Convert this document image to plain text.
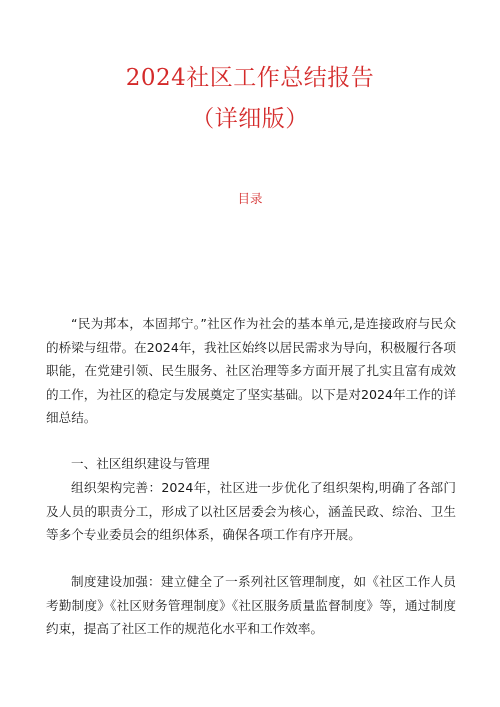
2024社区工作总结报告
（详细版）
目录

“民为邦本，本固邦宁。”社区作为社会的基本单元,是连接政府与民众的桥梁与纽带。在2024年，我社区始终以居民需求为导向，积极履行各项职能，在党建引领、民生服务、社区治理等多方面开展了扎实且富有成效的工作，为社区的稳定与发展奠定了坚实基础。以下是对2024年工作的详细总结。

一、社区组织建设与管理

组织架构完善：2024年，社区进一步优化了组织架构,明确了各部门及人员的职责分工，形成了以社区居委会为核心，涵盖民政、综治、卫生等多个专业委员会的组织体系，确保各项工作有序开展。

制度建设加强：建立健全了一系列社区管理制度，如《社区工作人员考勤制度》《社区财务管理制度》《社区服务质量监督制度》等，通过制度约束，提高了社区工作的规范化水平和工作效率。
